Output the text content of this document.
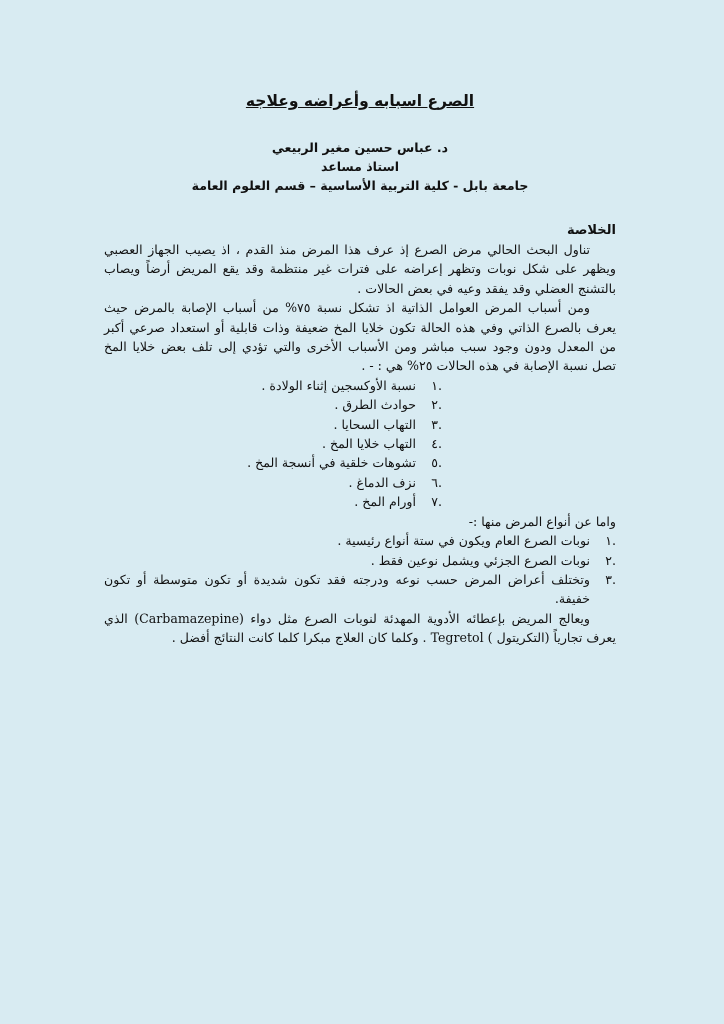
الصرع اسبابه وأعراضه وعلاجه
د. عباس حسين مغير الربيعي
استاذ مساعد
جامعة بابل - كلية التربية الأساسية – قسم العلوم العامة
الخلاصة

تناول البحث الحالي مرض الصرع إذ عرف هذا المرض منذ القدم ، اذ يصيب الجهاز العصبي ويظهر على شكل نوبات وتظهر إعراضه على فترات غير منتظمة وقد يقع المريض أرضاً ويصاب بالتشنج العضلي وقد يفقد وعيه في بعض الحالات .

ومن أسباب المرض العوامل الذاتية اذ تشكل نسبة ٧٥% من أسباب الإصابة بالمرض حيث يعرف بالصرع الذاتي وفي هذه الحالة تكون خلايا المخ ضعيفة وذات قابلية أو استعداد صرعي أكبر من المعدل ودون وجود سبب مباشر ومن الأسباب الأخرى والتي تؤدي إلى تلف بعض خلايا المخ تصل نسبة الإصابة في هذه الحالات ٢٥% هي : - .

.١
نسبة الأوكسجين إثناء الولادة .
.٢
حوادث الطرق .
.٣
التهاب السحايا .
.٤
التهاب خلايا المخ .
.٥
تشوهات خلقية في أنسجة المخ .
.٦
نزف الدماغ .
.٧
أورام المخ .

واما عن أنواع المرض منها :-

.١
نوبات الصرع العام ويكون في ستة أنواع رئيسية .
.٢
نوبات الصرع الجزئي ويشمل نوعين فقط .
.٣
وتختلف أعراض المرض حسب نوعه ودرجته فقد تكون شديدة أو تكون متوسطة أو تكون خفيفة.

ويعالج المريض بإعطائه الأدوية المهدئة لنوبات الصرع مثل دواء (Carbamazepine) الذي يعرف تجارياً (التكريتول ) Tegretol . وكلما كان العلاج مبكرا كلما كانت النتائج أفضل .
